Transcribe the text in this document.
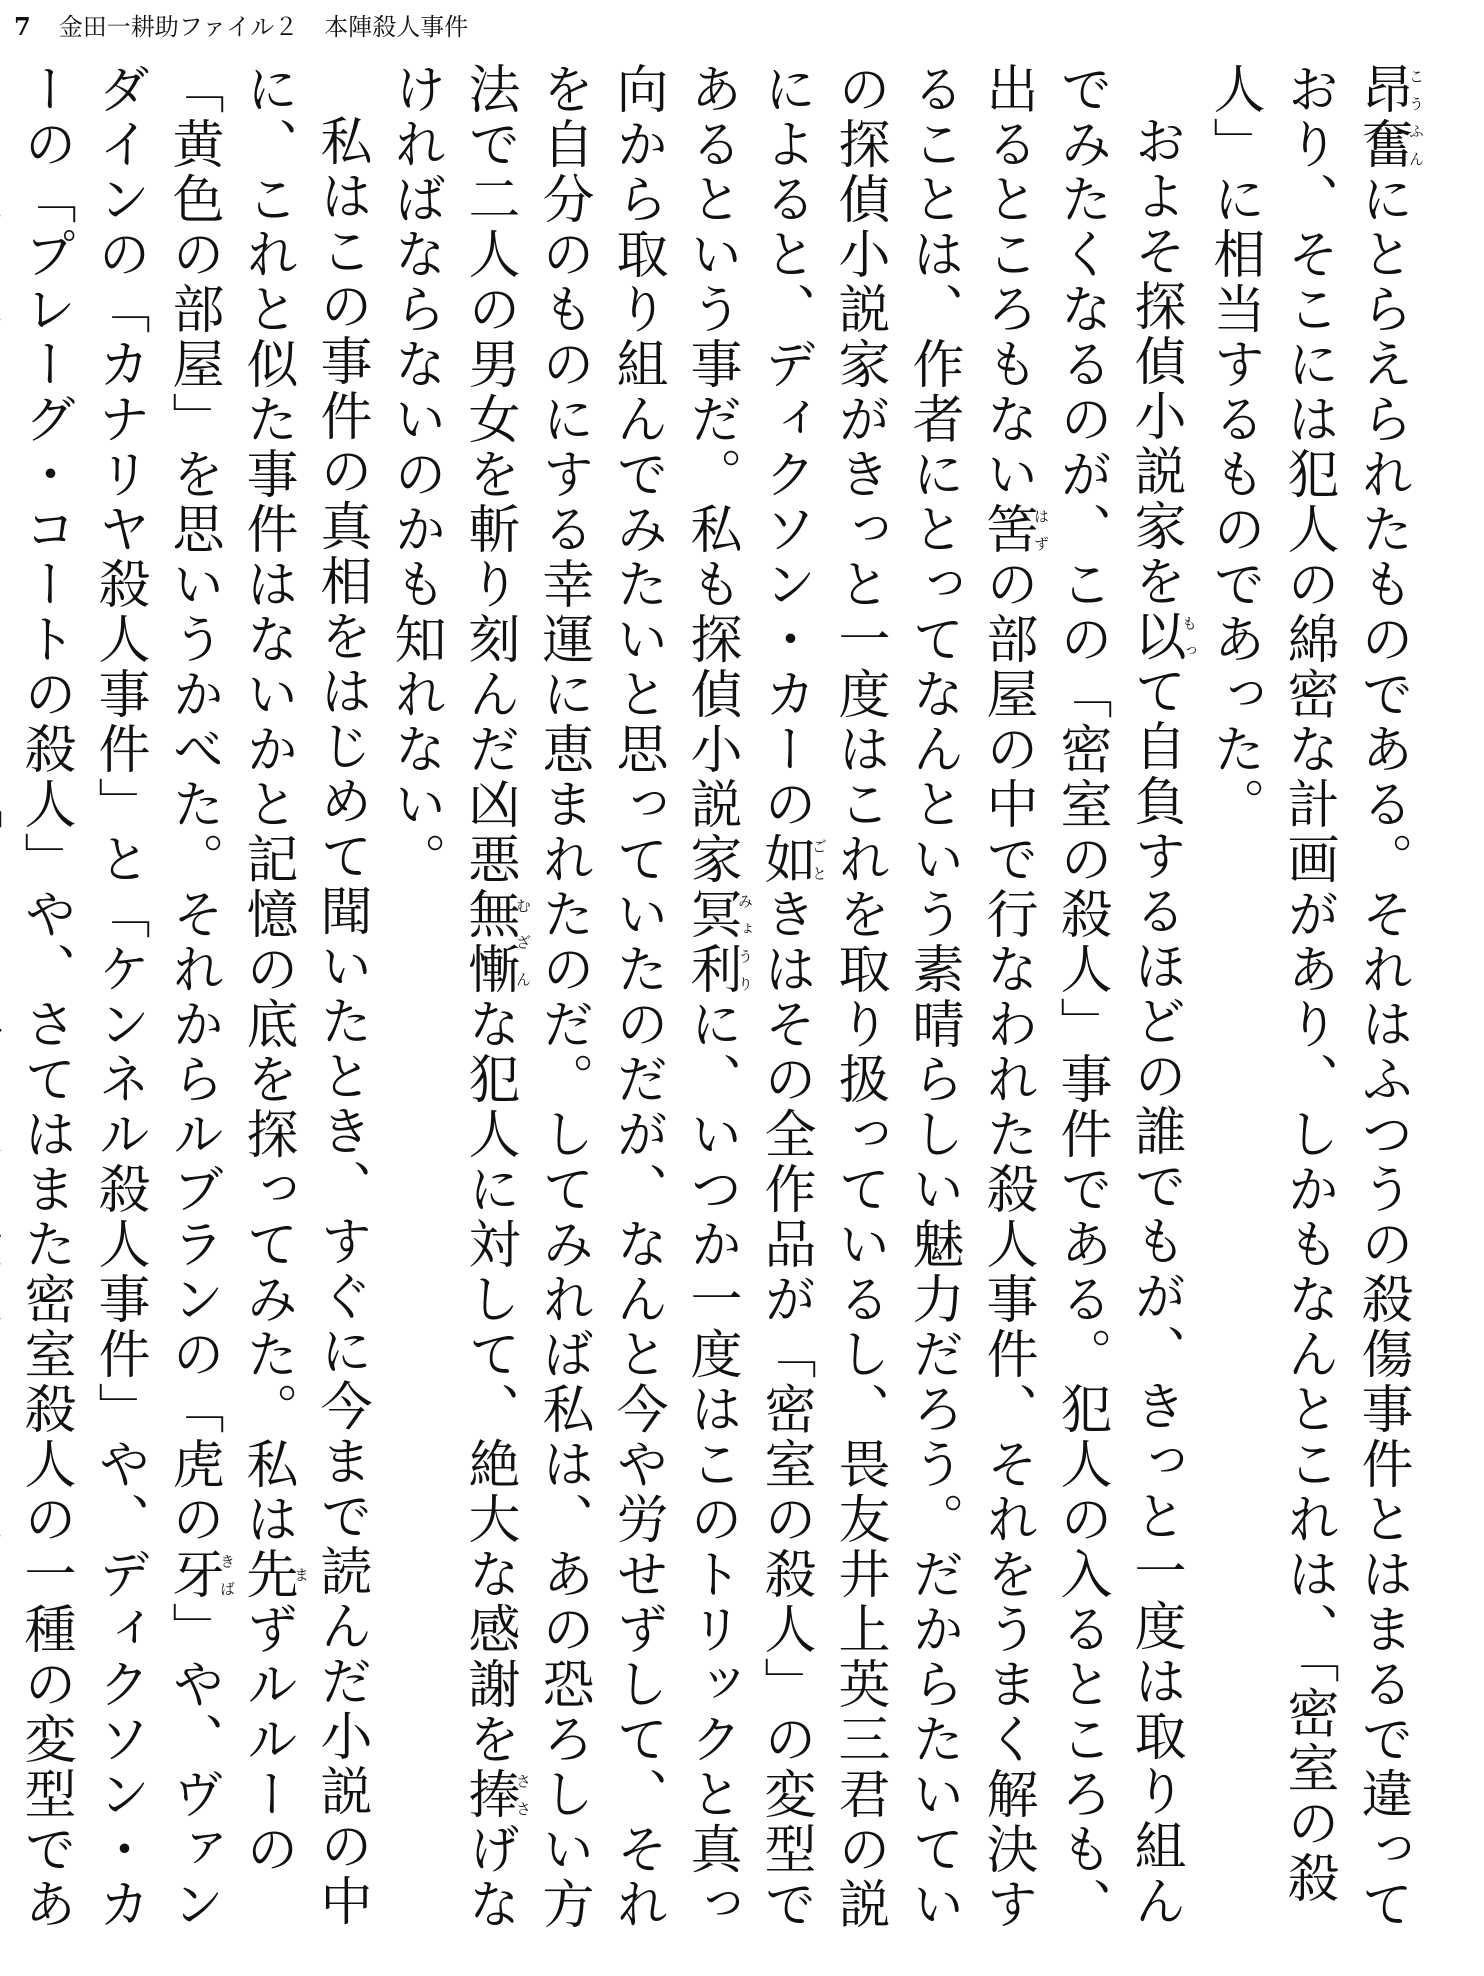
7 金田一耕助ファイル２ 本陣殺人事件

昂奮こうふんにとらえられたものである。それはふつうの殺傷事件とはまるで違っており、そこには犯人の綿密な計画があり、しかもなんとこれは、「密室の殺人」に相当するものであった。

およそ探偵小説家を以もって自負するほどの誰でもが、きっと一度は取り組んでみたくなるのが、この「密室の殺人」事件である。犯人の入るところも、出るところもない筈はずの部屋の中で行なわれた殺人事件、それをうまく解決することは、作者にとってなんという素晴らしい魅力だろう。だからたいていの探偵小説家がきっと一度はこれを取り扱っているし、畏友井上英三君の説によると、ディクソン・カーの如ごときはその全作品が「密室の殺人」の変型であるという事だ。私も探偵小説家冥利みょうりに、いつか一度はこのトリックと真っ向から取り組んでみたいと思っていたのだが、なんと今や労せずして、それを自分のものにする幸運に恵まれたのだ。してみれば私は、あの恐ろしい方法で二人の男女を斬り刻んだ凶悪無慚むざんな犯人に対して、絶大な感謝を捧ささげなければならないのかも知れない。

私はこの事件の真相をはじめて聞いたとき、すぐに今まで読んだ小説の中に、これと似た事件はないかと記憶の底を探ってみた。私は先まずルルーの「黄色の部屋」を思いうかべた。それからルブランの「虎の牙きば」や、ヴァンダインの「カナリヤ殺人事件」と「ケンネル殺人事件」や、ディクソン・カーの「プレーグ・コートの殺人」や、さてはまた密室殺人の一種の変型であ
